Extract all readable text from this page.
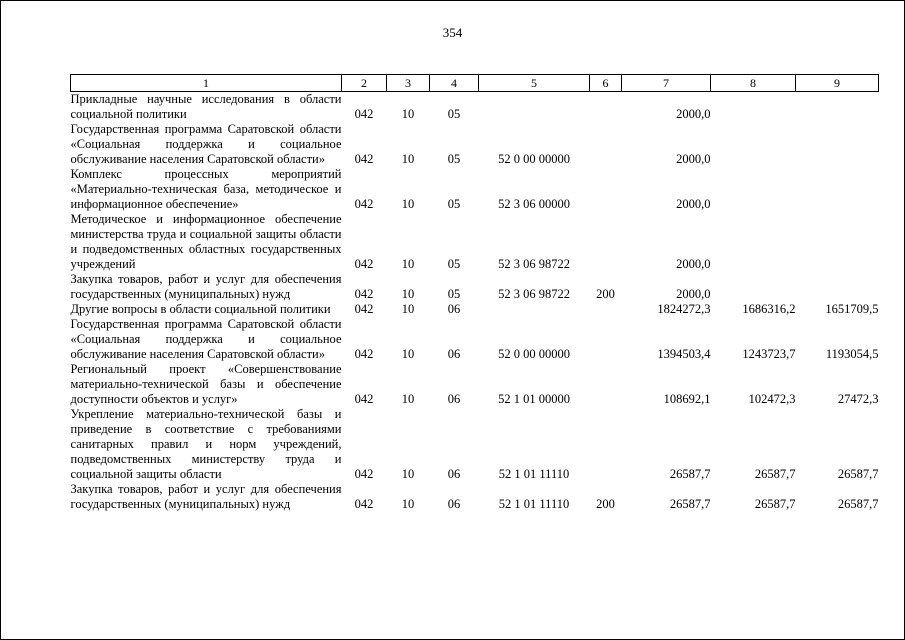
354
1	2	3	4	5	6	7	8	9
Прикладные научные исследования в области социальной политики	042	10	05			2000,0		
Государственная программа Саратовской области «Социальная поддержка и социальное обслуживание населения Саратовской области»	042	10	05	52 0 00 00000		2000,0		
Комплекс процессных мероприятий «Материально-техническая база, методическое и информационное обеспечение»	042	10	05	52 3 06 00000		2000,0		
Методическое и информационное обеспечение министерства труда и социальной защиты области и подведомственных областных государственных учреждений	042	10	05	52 3 06 98722		2000,0		
Закупка товаров, работ и услуг для обеспечения государственных (муниципальных) нужд	042	10	05	52 3 06 98722	200	2000,0		
Другие вопросы в области социальной политики	042	10	06			1824272,3	1686316,2	1651709,5
Государственная программа Саратовской области «Социальная поддержка и социальное обслуживание населения Саратовской области»	042	10	06	52 0 00 00000		1394503,4	1243723,7	1193054,5
Региональный проект «Совершенствование материально-технической базы и обеспечение доступности объектов и услуг»	042	10	06	52 1 01 00000		108692,1	102472,3	27472,3
Укрепление материально-технической базы и приведение в соответствие с требованиями санитарных правил и норм учреждений, подведомственных министерству труда и социальной защиты области	042	10	06	52 1 01 11110		26587,7	26587,7	26587,7
Закупка товаров, работ и услуг для обеспечения государственных (муниципальных) нужд	042	10	06	52 1 01 11110	200	26587,7	26587,7	26587,7
